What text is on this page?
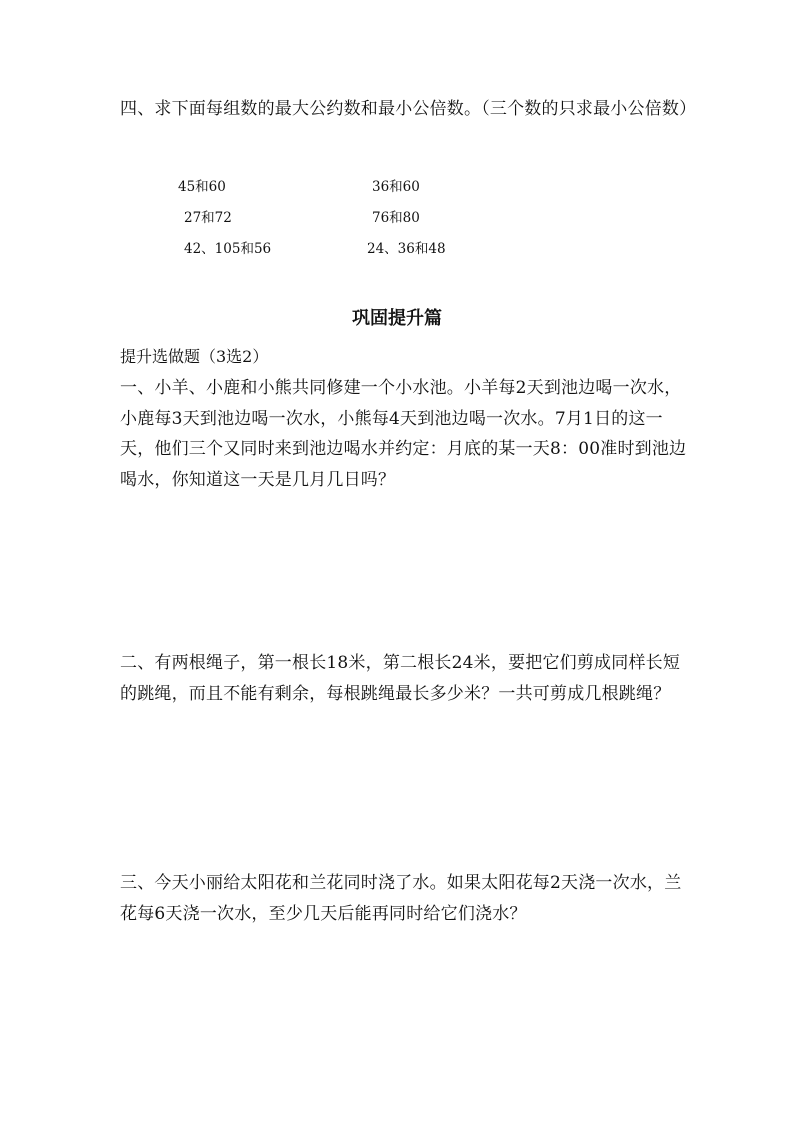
四、求下面每组数的最大公约数和最小公倍数。（三个数的只求最小公倍数）

45和60	36和60
27和72	76和80
42、105和56	24、36和48
巩固提升篇

提升选做题（3选2）

一、小羊、小鹿和小熊共同修建一个小水池。小羊每2天到池边喝一次水，小鹿每3天到池边喝一次水，小熊每4天到池边喝一次水。7月1日的这一天，他们三个又同时来到池边喝水并约定：月底的某一天8：00准时到池边喝水，你知道这一天是几月几日吗？

二、有两根绳子，第一根长18米，第二根长24米，要把它们剪成同样长短的跳绳，而且不能有剩余，每根跳绳最长多少米？一共可剪成几根跳绳？

三、今天小丽给太阳花和兰花同时浇了水。如果太阳花每2天浇一次水，兰花每6天浇一次水，至少几天后能再同时给它们浇水？
